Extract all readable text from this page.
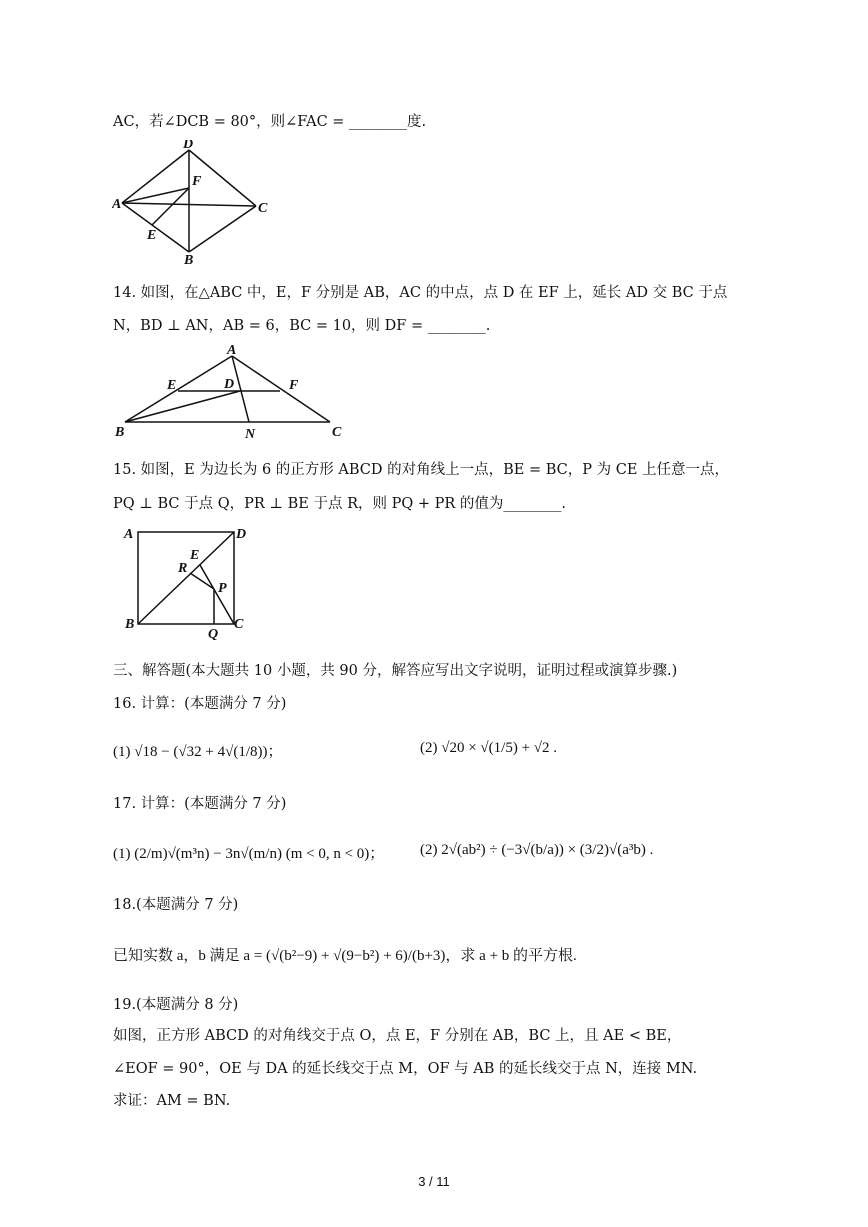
AC，若∠DCB = 80°，则∠FAC = ________度.
D
F
A	C
E
B
14. 如图，在△ABC 中，E，F 分别是 AB，AC 的中点，点 D 在 EF 上，延长 AD 交 BC 于点
N，BD ⊥ AN，AB = 6，BC = 10，则 DF = ________.
A
E	D	F
B	N	C
15. 如图，E 为边长为 6 的正方形 ABCD 的对角线上一点，BE = BC，P 为 CE 上任意一点，
PQ ⊥ BC 于点 Q，PR ⊥ BE 于点 R，则 PQ + PR 的值为________.
A	D
E
R
P
B
Q
C
三、解答题(本大题共 10 小题，共 90 分，解答应写出文字说明，证明过程或演算步骤.)
16. 计算：(本题满分 7 分)
(1) √18 − (√32 + 4√(1/8))；	(2) √20 × √(1/5) + √2 .
17. 计算：(本题满分 7 分)
(1) (2/m)√(m³n) − 3n√(m/n) (m < 0, n < 0)； (2) 2√(ab²) ÷ (−3√(b/a)) × (3/2)√(a³b) .
18.(本题满分 7 分)
已知实数 a，b 满足 a = (√(b²−9) + √(9−b²) + 6)/(b+3)，求 a + b 的平方根.
19.(本题满分 8 分)
如图，正方形 ABCD 的对角线交于点 O，点 E，F 分别在 AB，BC 上，且 AE < BE，
∠EOF = 90°，OE 与 DA 的延长线交于点 M，OF 与 AB 的延长线交于点 N，连接 MN.
求证：AM = BN.
3 / 11
